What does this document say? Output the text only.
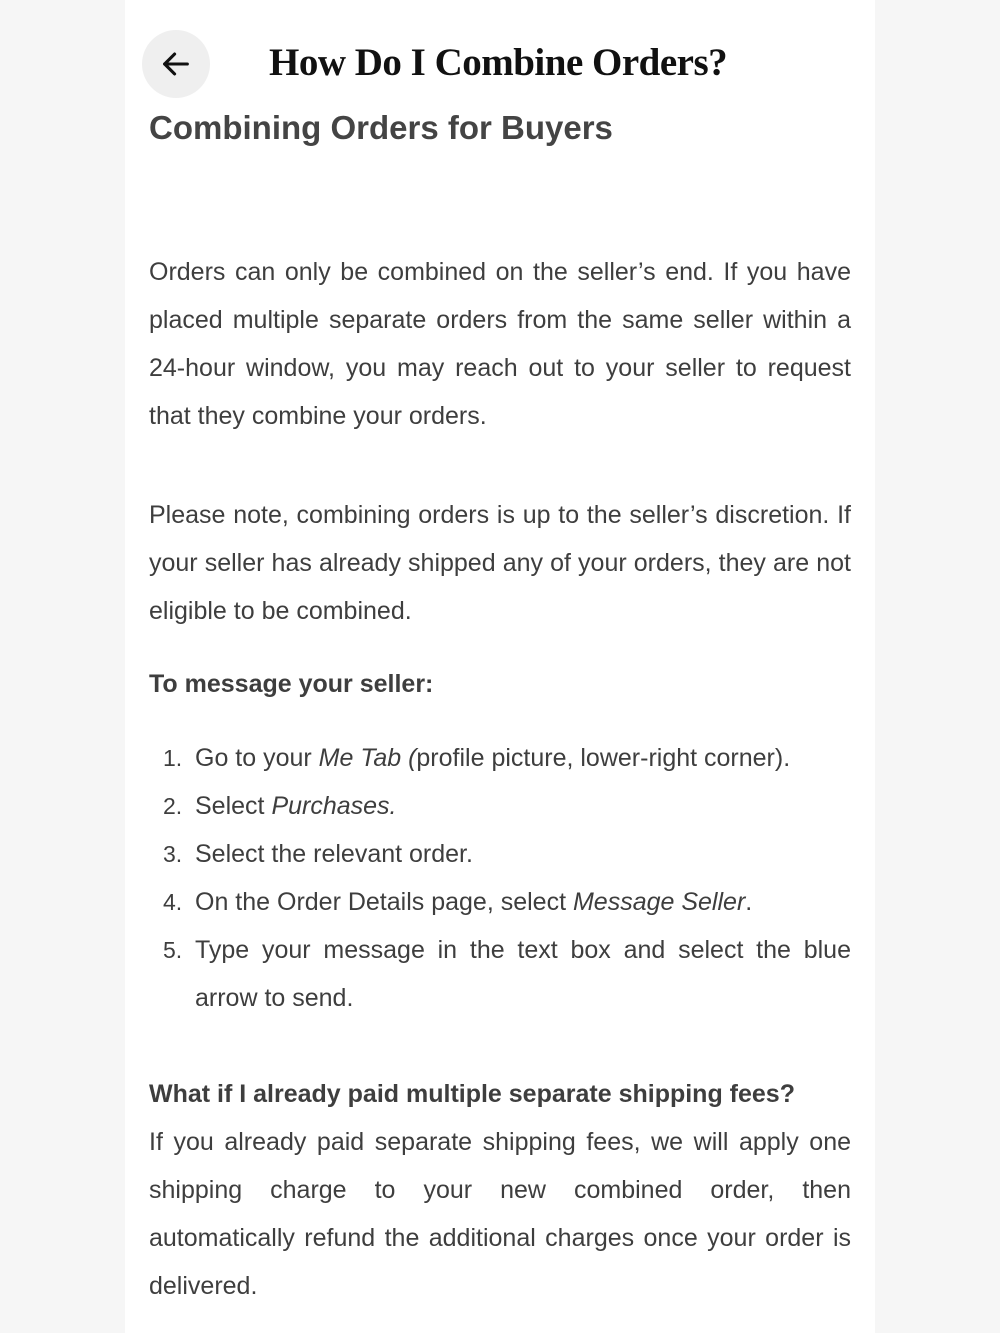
How Do I Combine Orders?
Combining Orders for Buyers

Orders can only be combined on the seller’s end. If you have placed multiple separate orders from the same seller within a 24-hour window, you may reach out to your seller to request that they combine your orders.

Please note, combining orders is up to the seller’s discretion. If your seller has already shipped any of your orders, they are not eligible to be combined.

To message your seller:
1. Go to your Me Tab (profile picture, lower-right corner).
2. Select Purchases.
3. Select the relevant order.
4. On the Order Details page, select Message Seller.
5. Type your message in the text box and select the blue arrow to send.
What if I already paid multiple separate shipping fees?

If you already paid separate shipping fees, we will apply one shipping charge to your new combined order, then automatically refund the additional charges once your order is delivered.
